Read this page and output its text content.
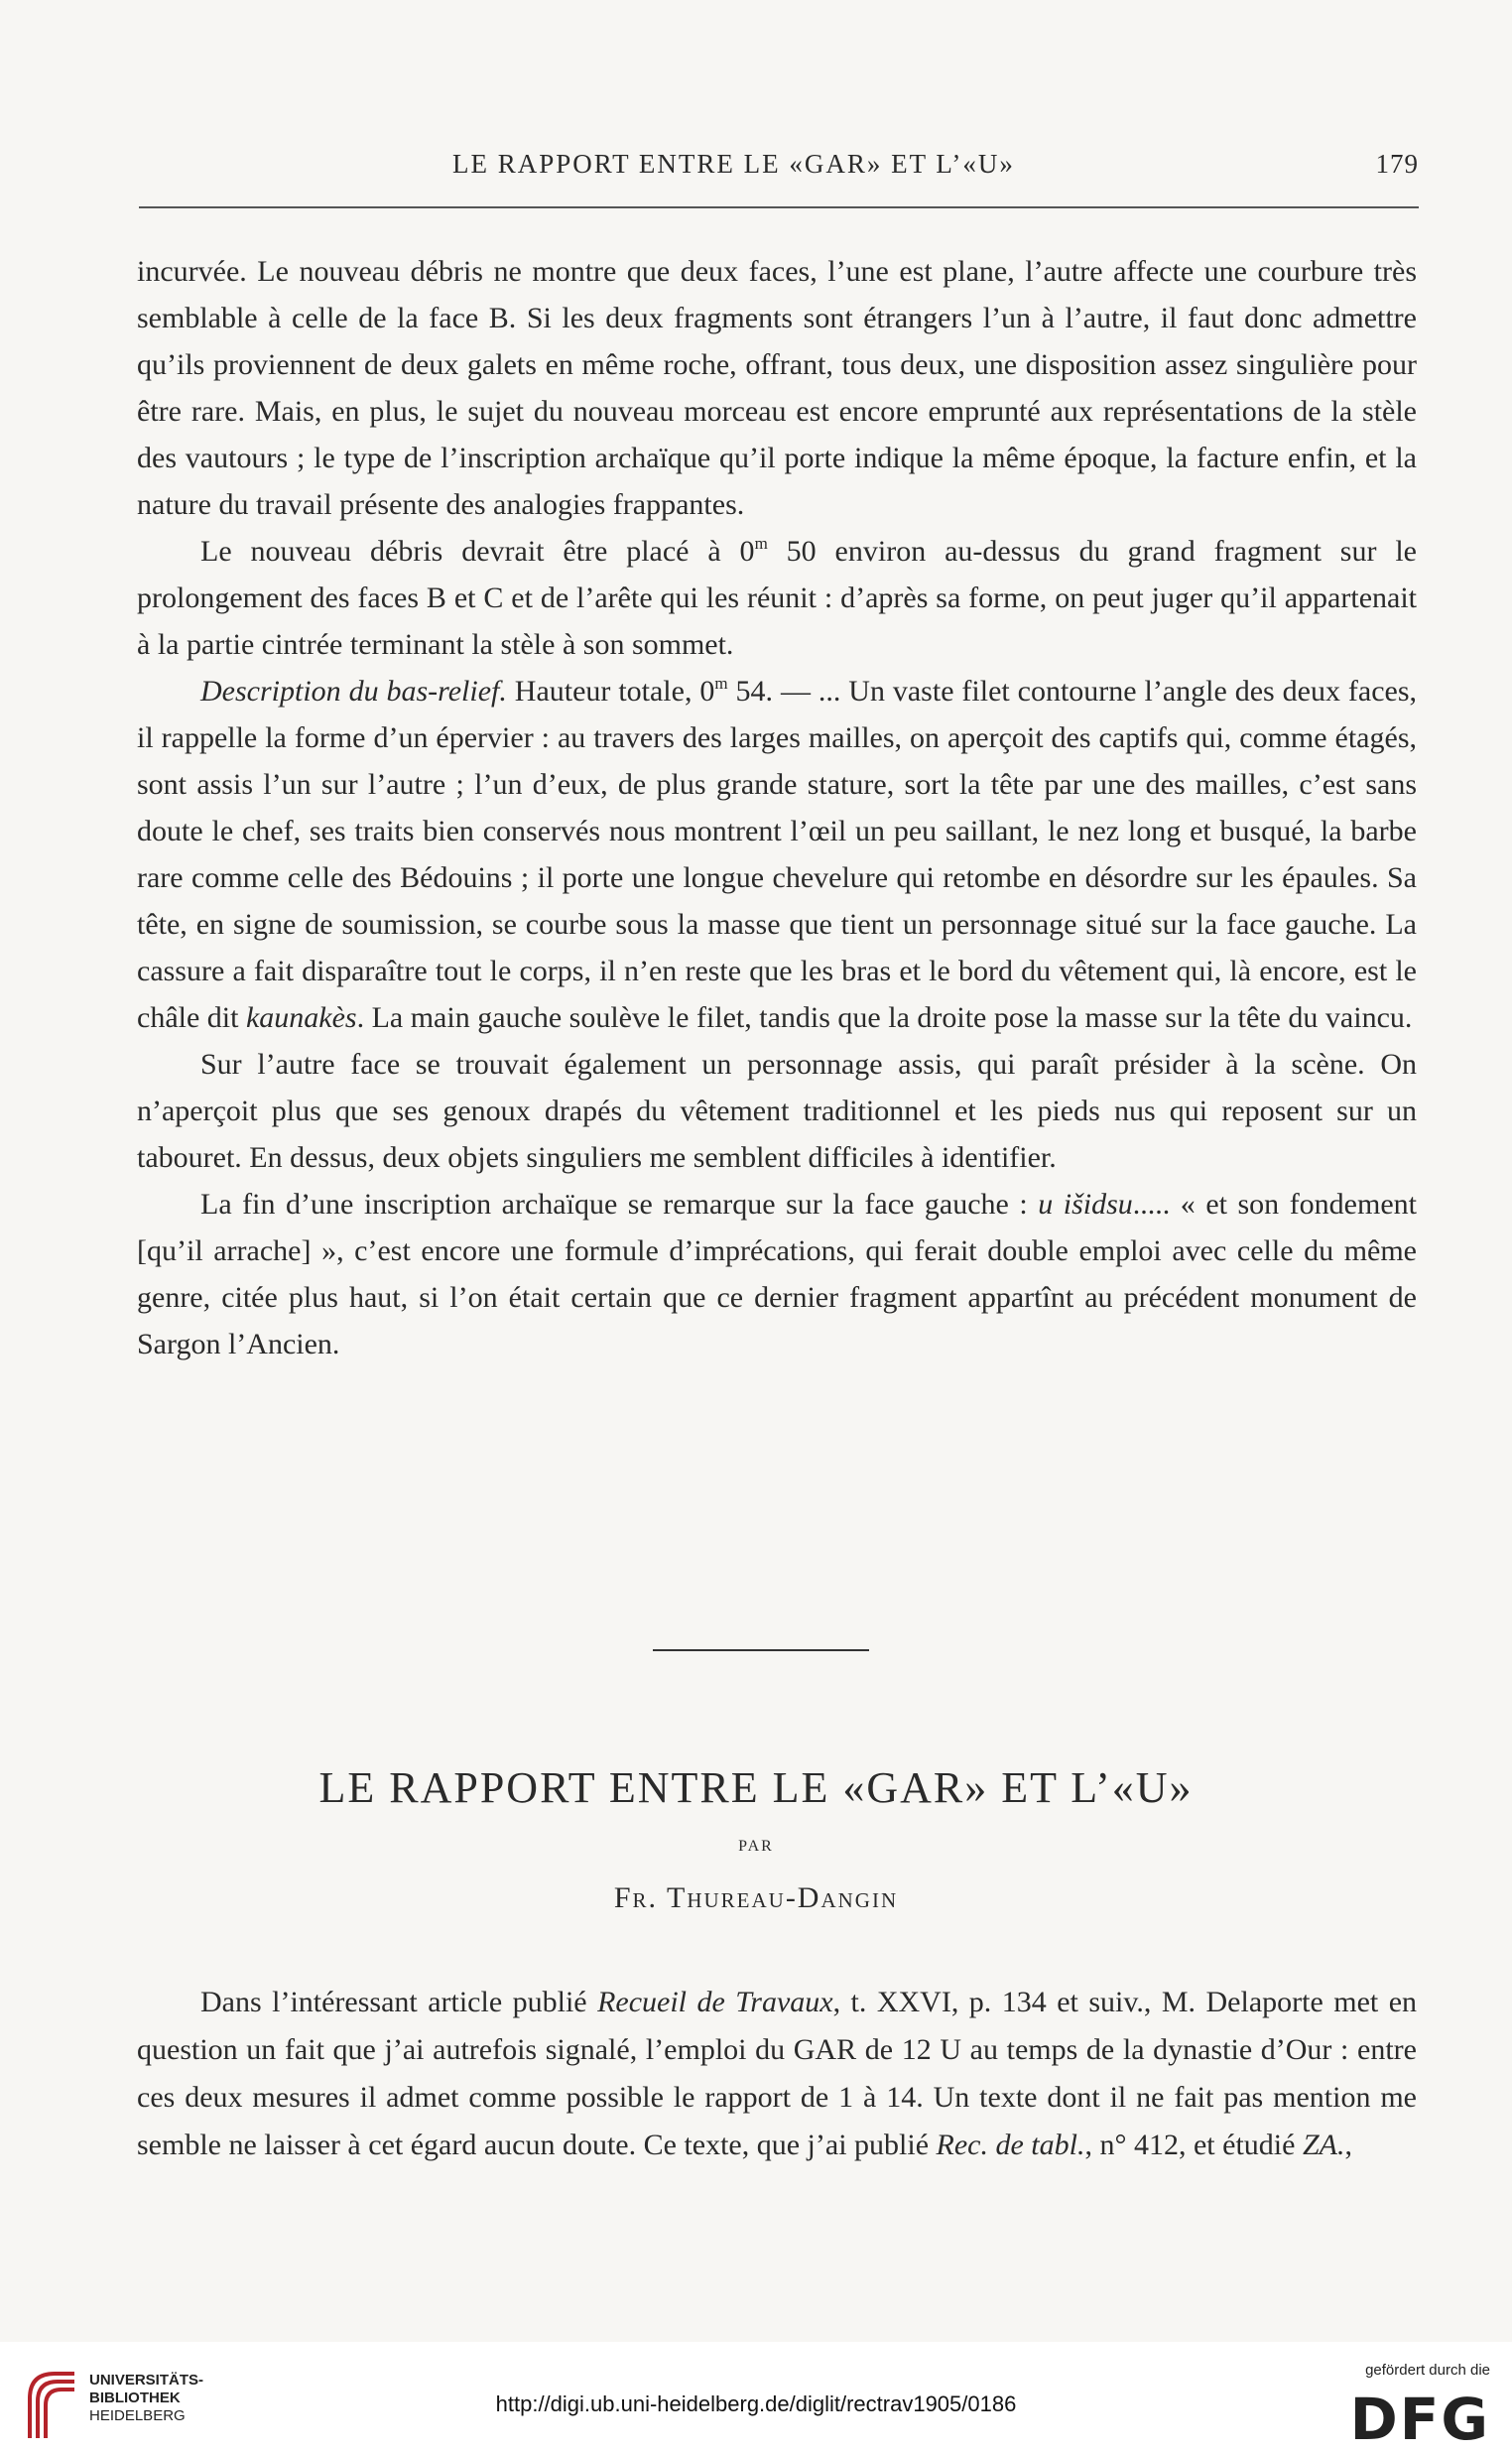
LE RAPPORT ENTRE LE «GAR» ET L’«U»	179

incurvée. Le nouveau débris ne montre que deux faces, l’une est plane, l’autre affecte une courbure très semblable à celle de la face B. Si les deux fragments sont étrangers l’un à l’autre, il faut donc admettre qu’ils proviennent de deux galets en même roche, offrant, tous deux, une disposition assez singulière pour être rare. Mais, en plus, le sujet du nouveau morceau est encore emprunté aux représentations de la stèle des vautours ; le type de l’inscription archaïque qu’il porte indique la même époque, la facture enfin, et la nature du travail présente des analogies frappantes.

Le nouveau débris devrait être placé à 0$^m$ 50 environ au-dessus du grand fragment sur le prolongement des faces B et C et de l’arête qui les réunit : d’après sa forme, on peut juger qu’il appartenait à la partie cintrée terminant la stèle à son sommet.

Description du bas-relief. Hauteur totale, 0$^m$ 54. — ... Un vaste filet contourne l’angle des deux faces, il rappelle la forme d’un épervier : au travers des larges mailles, on aperçoit des captifs qui, comme étagés, sont assis l’un sur l’autre ; l’un d’eux, de plus grande stature, sort la tête par une des mailles, c’est sans doute le chef, ses traits bien conservés nous montrent l’œil un peu saillant, le nez long et busqué, la barbe rare comme celle des Bédouins ; il porte une longue chevelure qui retombe en désordre sur les épaules. Sa tête, en signe de soumission, se courbe sous la masse que tient un personnage situé sur la face gauche. La cassure a fait disparaître tout le corps, il n’en reste que les bras et le bord du vêtement qui, là encore, est le châle dit kaunakès. La main gauche soulève le filet, tandis que la droite pose la masse sur la tête du vaincu.

Sur l’autre face se trouvait également un personnage assis, qui paraît présider à la scène. On n’aperçoit plus que ses genoux drapés du vêtement traditionnel et les pieds nus qui reposent sur un tabouret. En dessus, deux objets singuliers me semblent difficiles à identifier.

La fin d’une inscription archaïque se remarque sur la face gauche : u išidsu..... « et son fondement [qu’il arrache] », c’est encore une formule d’imprécations, qui ferait double emploi avec celle du même genre, citée plus haut, si l’on était certain que ce dernier fragment appartînt au précédent monument de Sargon l’Ancien.

LE RAPPORT ENTRE LE «GAR» ET L’«U»
PAR
Fr. Thureau-Dangin

Dans l’intéressant article publié Recueil de Travaux, t. XXVI, p. 134 et suiv., M. Delaporte met en question un fait que j’ai autrefois signalé, l’emploi du GAR de 12 U au temps de la dynastie d’Our : entre ces deux mesures il admet comme possible le rapport de 1 à 14. Un texte dont il ne fait pas mention me semble ne laisser à cet égard aucun doute. Ce texte, que j’ai publié Rec. de tabl., n° 412, et étudié ZA.,

UNIVERSITÄTS-
BIBLIOTHEK
HEIDELBERG	http://digi.ub.uni-heidelberg.de/diglit/rectrav1905/0186
gefördert durch die
DFG
